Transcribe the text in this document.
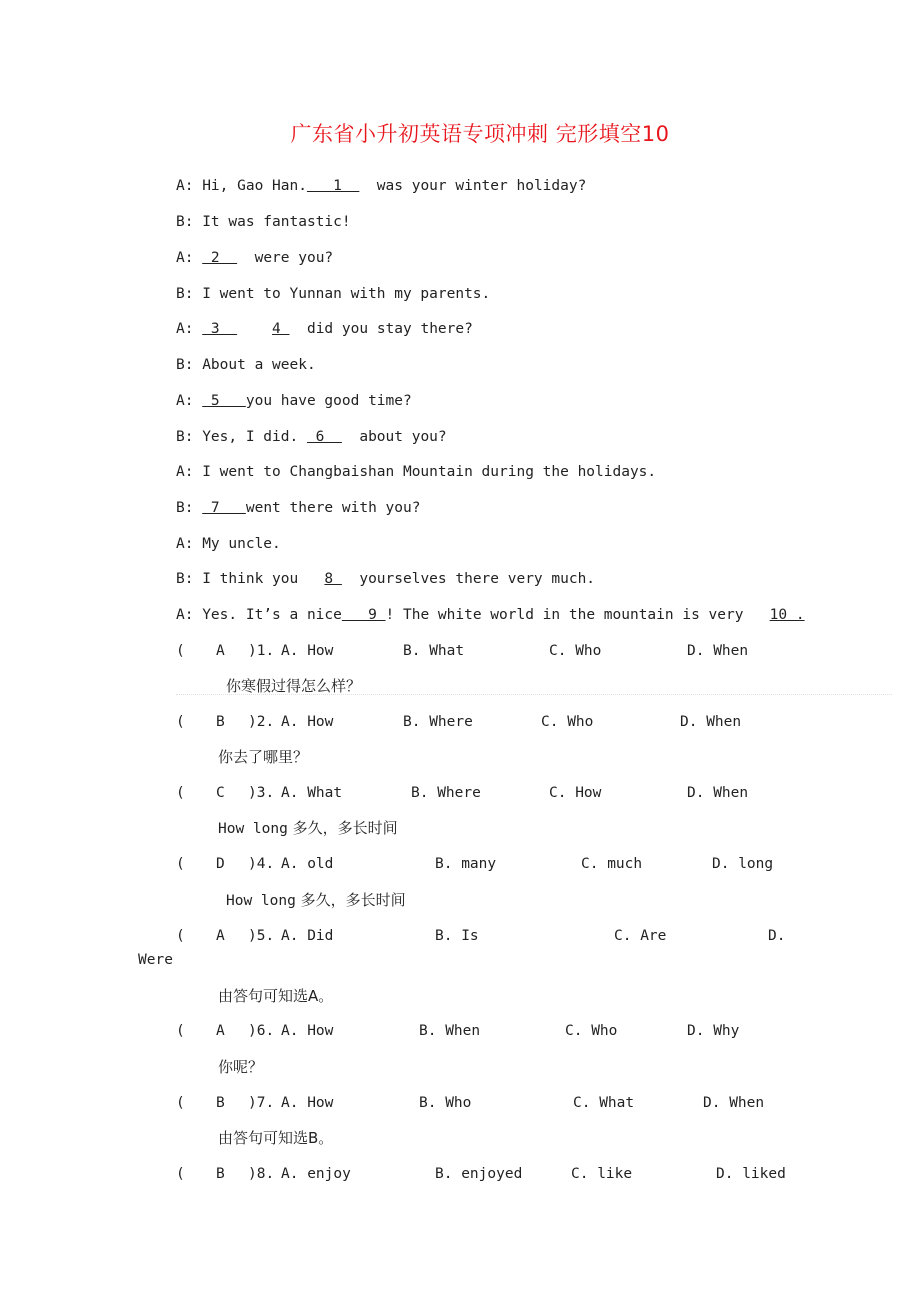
广东省小升初英语专项冲刺 完形填空10
A: Hi, Gao Han.   1    was your winter holiday?
B: It was fantastic!
A:  2    were you?
B: I went to Yunnan with my parents.
A:  3      4   did you stay there?
B: About a week.
A:  5   you have good time?
B: Yes, I did.  6    about you?
A: I went to Changbaishan Mountain during the holidays.
B:  7   went there with you?
A: My uncle.
B: I think you   8   yourselves there very much.
A: Yes. It’s a nice   9 ! The white world in the mountain is very   10 .
( A )1. A. How	B. What	C. Who	D. When
你寒假过得怎么样？
( B )2. A. How	B. Where	C. Who	D. When
你去了哪里？
( C )3. A. What	B. Where	C. How	D. When
How long 多久，多长时间
( D )4. A. old	B. many	C. much	D. long
How long 多久，多长时间
( A )5. A. Did	B. Is	C. Are	D.
Were
由答句可知选A。
( A )6. A. How	B. When	C. Who	D. Why
你呢？
( B )7. A. How	B. Who	C. What	D. When
由答句可知选B。
( B )8. A. enjoy	B. enjoyed	C. like	D. liked
